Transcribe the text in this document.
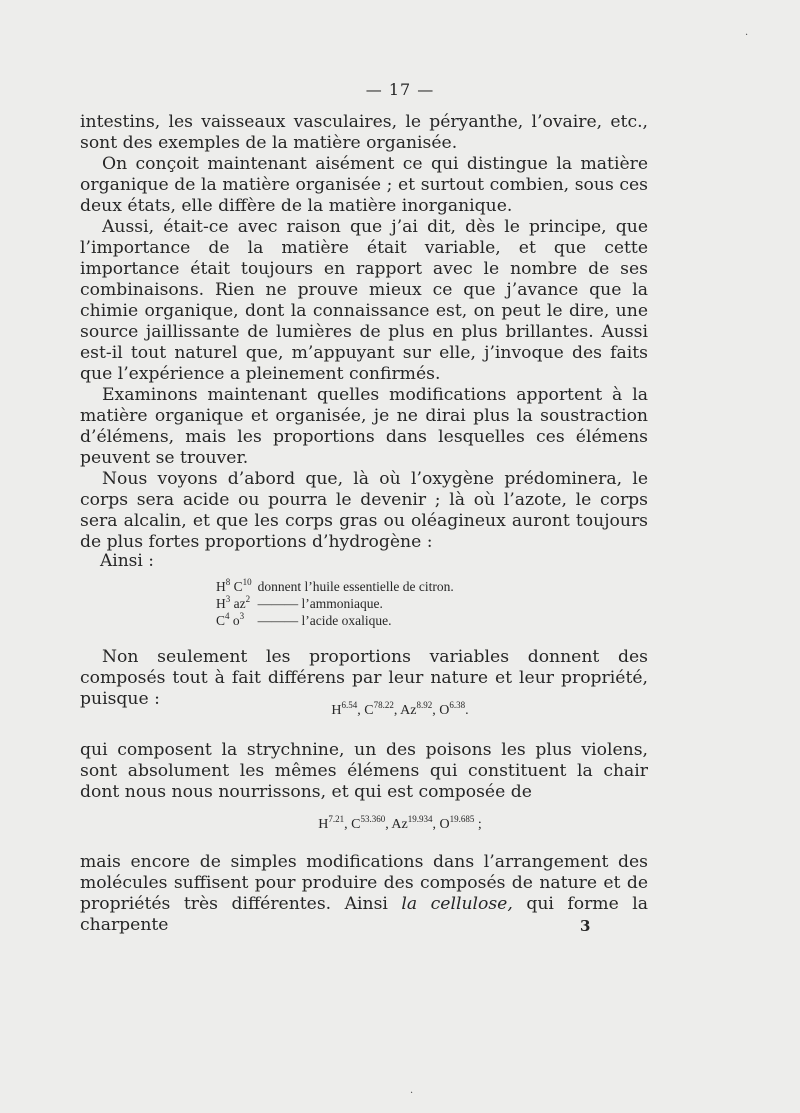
— 17 —

intestins, les vaisseaux vasculaires, le péryanthe, l’ovaire, etc., sont des exemples de la matière organisée.

On conçoit maintenant aisément ce qui distingue la matière organique de la matière organisée ; et surtout combien, sous ces deux états, elle diffère de la matière inorganique.

Aussi, était-ce avec raison que j’ai dit, dès le principe, que l’importance de la matière était variable, et que cette importance était toujours en rapport avec le nombre de ses combinaisons. Rien ne prouve mieux ce que j’avance que la chimie organique, dont la connaissance est, on peut le dire, une source jaillissante de lumières de plus en plus brillantes. Aussi est-il tout naturel que, m’appuyant sur elle, j’invoque des faits que l’expérience a pleinement confirmés.

Examinons maintenant quelles modifications apportent à la matière organique et organisée, je ne dirai plus la soustraction d’élémens, mais les proportions dans lesquelles ces élémens peuvent se trouver.

Nous voyons d’abord que, là où l’oxygène prédominera, le corps sera acide ou pourra le devenir ; là où l’azote, le corps sera alcalin, et que les corps gras ou oléagineux auront toujours de plus fortes proportions d’hydrogène :

Ainsi :
$H^8$ $C^{10}$	donnent l’huile essentielle de citron.
$H^3$ $az^2$	——— l’ammoniaque.
$C^4$ $o^3$	——— l’acide oxalique.

Non seulement les proportions variables donnent des composés tout à fait différens par leur nature et leur propriété, puisque :

$H^{6.54}$, $C^{78.22}$, $Az^{8.92}$, $O^{6.38}$.

qui composent la strychnine, un des poisons les plus violens, sont absolument les mêmes élémens qui constituent la chair dont nous nous nourrissons, et qui est composée de

$H^{7.21}$, $C^{53.360}$, $Az^{19.934}$, $O^{19.685}$ ;

mais encore de simples modifications dans l’arrangement des molécules suffisent pour produire des composés de nature et de propriétés très différentes. Ainsi la cellulose, qui forme la charpente	3
·
·
